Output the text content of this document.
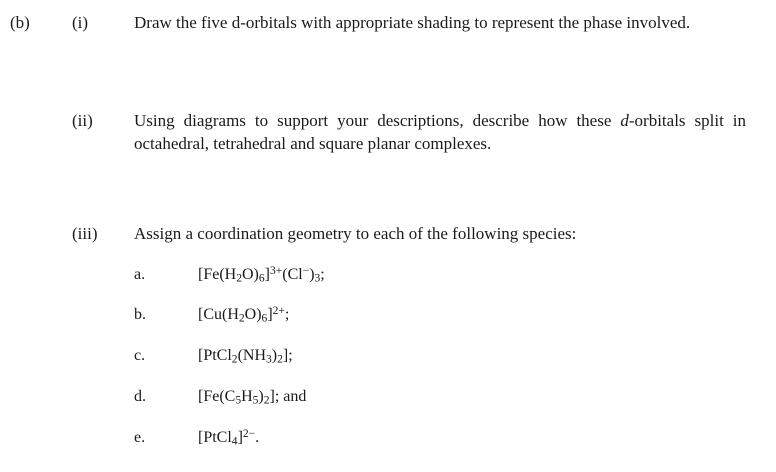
(b)	(i)	Draw the five d-orbitals with appropriate shading to represent the phase involved.
(ii)	Using diagrams to support your descriptions, describe how these d-orbitals split in octahedral, tetrahedral and square planar complexes.
(iii)	Assign a coordination geometry to each of the following species:
a.	$[Fe(H_2O)_6]^{3+}(Cl^-)_3$;
b.	$[Cu(H_2O)_6]^{2+}$;
c.	$[PtCl_2(NH_3)_2]$;
d.	$[Fe(C_5H_5)_2]$; and
e.	[PtCl$_4$]$^{2-}$.
